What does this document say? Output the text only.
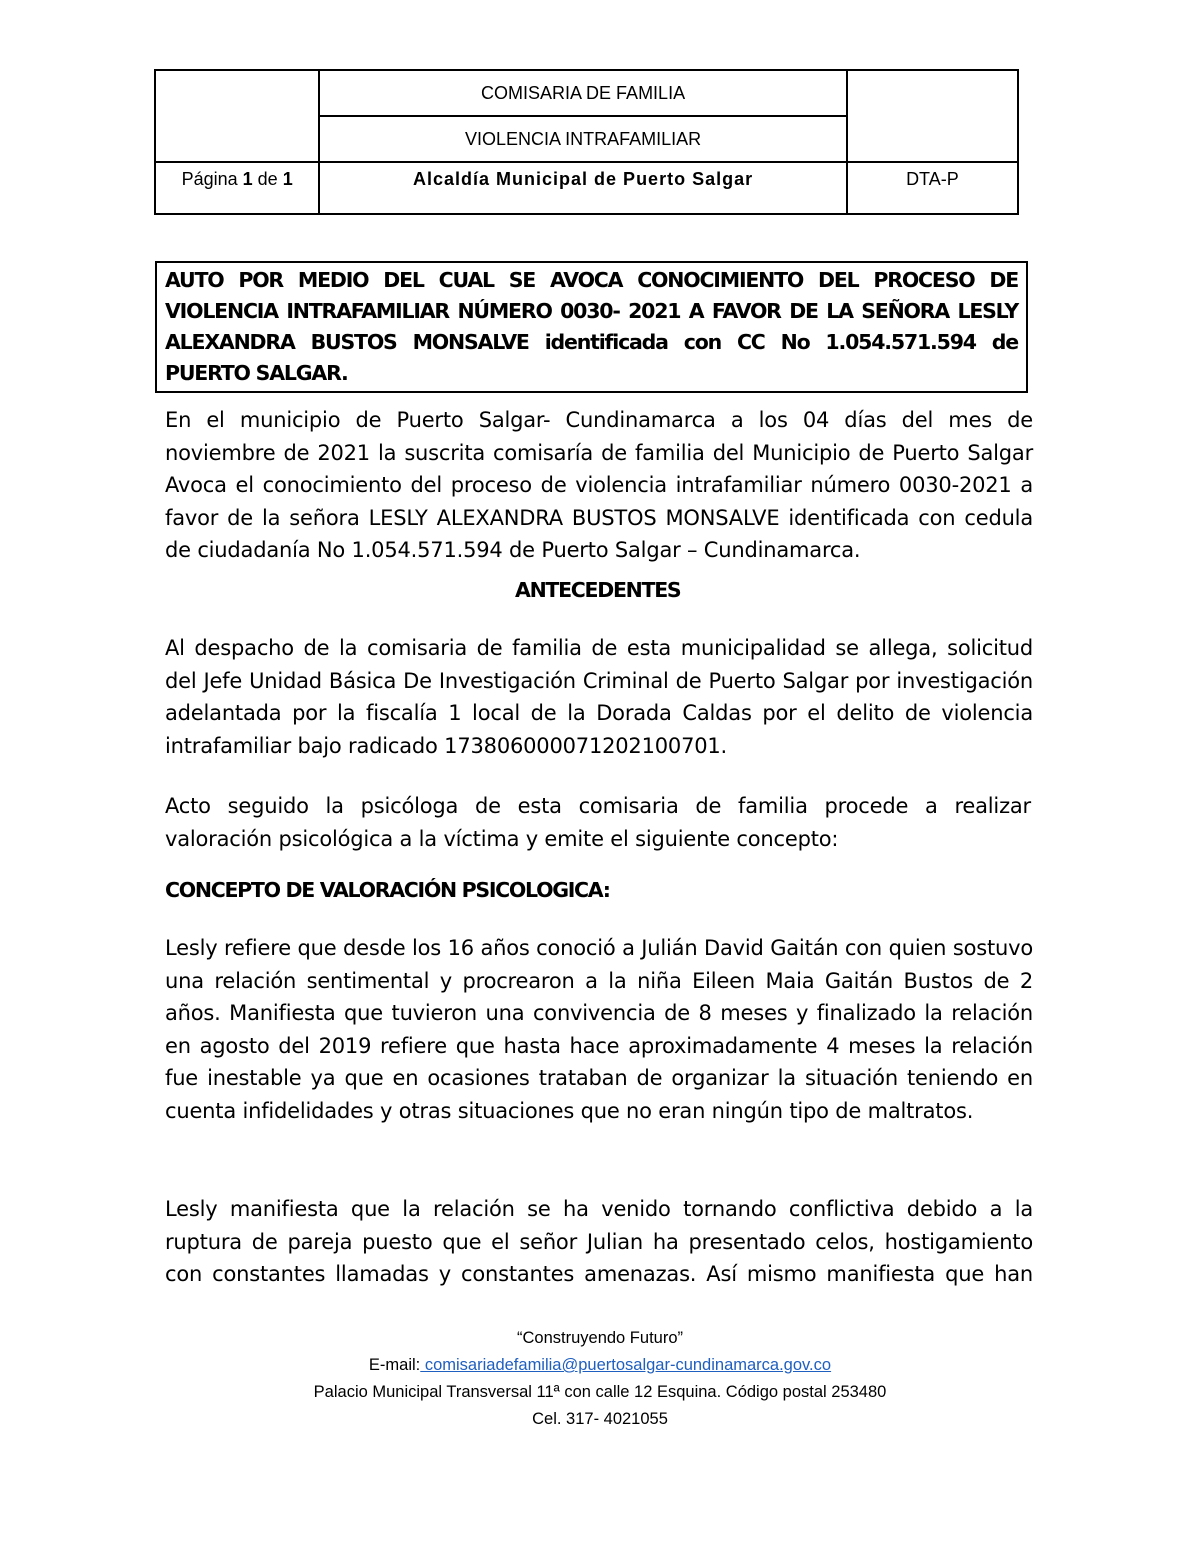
	COMISARIA DE FAMILIA	
	VIOLENCIA INTRAFAMILIAR	
Página 1 de 1	Alcaldía Municipal de Puerto Salgar	DTA-P
AUTO POR MEDIO DEL CUAL SE AVOCA CONOCIMIENTO DEL PROCESO DE VIOLENCIA INTRAFAMILIAR NÚMERO 0030- 2021 A FAVOR DE LA SEÑORA LESLY ALEXANDRA BUSTOS MONSALVE identificada con CC No 1.054.571.594 de PUERTO SALGAR.
En el municipio de Puerto Salgar- Cundinamarca a los 04 días del mes de noviembre de 2021 la suscrita comisaría de familia del Municipio de Puerto Salgar Avoca el conocimiento del proceso de violencia intrafamiliar número 0030-2021 a favor de la señora LESLY ALEXANDRA BUSTOS MONSALVE identificada con cedula de ciudadanía No 1.054.571.594 de Puerto Salgar – Cundinamarca.
ANTECEDENTES
Al despacho de la comisaria de familia de esta municipalidad se allega, solicitud del Jefe Unidad Básica De Investigación Criminal de Puerto Salgar por investigación adelantada por la fiscalía 1 local de la Dorada Caldas por el delito de violencia intrafamiliar bajo radicado 173806000071202100701.
Acto seguido la psicóloga de esta comisaria de familia procede a realizar valoración psicológica a la víctima y emite el siguiente concepto:
CONCEPTO DE VALORACIÓN PSICOLOGICA:
Lesly refiere que desde los 16 años conoció a Julián David Gaitán con quien sostuvo una relación sentimental y procrearon a la niña Eileen Maia Gaitán Bustos de 2 años. Manifiesta que tuvieron una convivencia de 8 meses y finalizado la relación en agosto del 2019 refiere que hasta hace aproximadamente 4 meses la relación fue inestable ya que en ocasiones trataban de organizar la situación teniendo en cuenta infidelidades y otras situaciones que no eran ningún tipo de maltratos.
Lesly manifiesta que la relación se ha venido tornando conflictiva debido a la ruptura de pareja puesto que el señor Julian ha presentado celos, hostigamiento con constantes llamadas y constantes amenazas. Así mismo manifiesta que han
“Construyendo Futuro”
E-mail: comisariadefamilia@puertosalgar-cundinamarca.gov.co
Palacio Municipal Transversal 11ª con calle 12 Esquina. Código postal 253480
Cel. 317- 4021055
